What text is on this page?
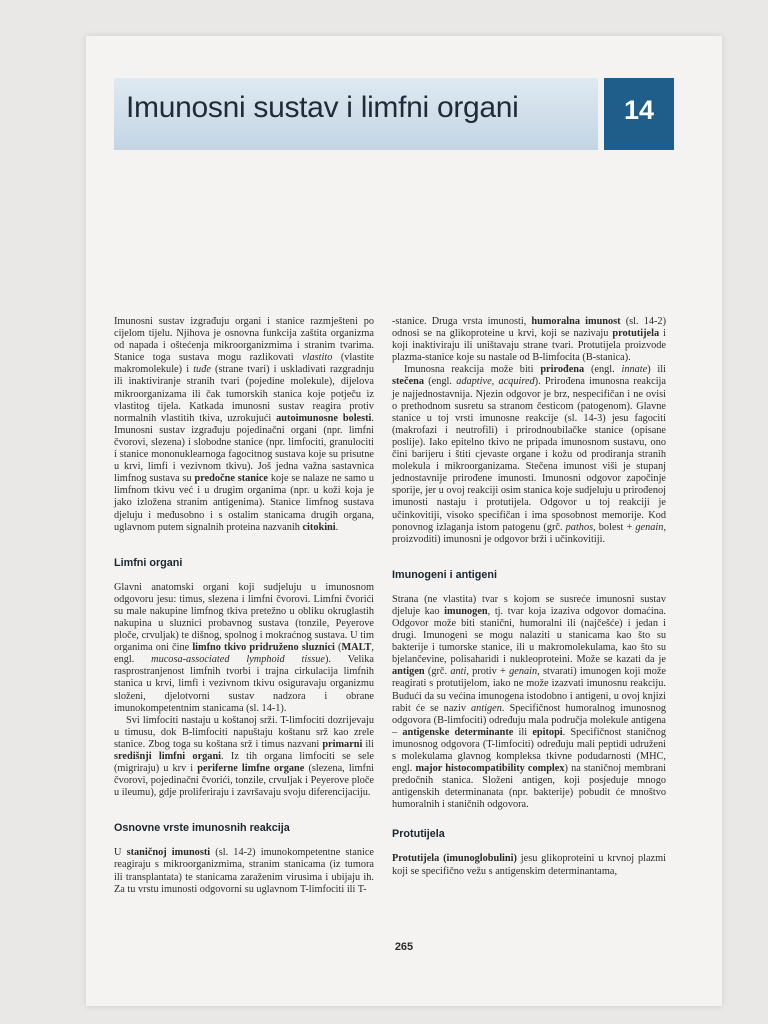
Imunosni sustav i limfni organi	14

Imunosni sustav izgrađuju organi i stanice razmješteni po cijelom tijelu. Njihova je osnovna funkcija zaštita organizma od napada i oštećenja mikroorganizmima i stranim tvarima. Stanice toga sustava mogu razlikovati vlastito (vlastite makromolekule) i tuđe (strane tvari) i uskladivati razgradnju ili inaktiviranje stranih tvari (pojedine molekule), dijelova mikroorganizama ili čak tumorskih stanica koje potječu iz vlastitog tijela. Katkada imunosni sustav reagira protiv normalnih vlastitih tkiva, uzrokujući autoimunosne bolesti. Imunosni sustav izgrađuju pojedinačni organi (npr. limfni čvorovi, slezena) i slobodne stanice (npr. limfociti, granulociti i stanice mononuklearnoga fagocitnog sustava koje su prisutne u krvi, limfi i vezivnom tkivu). Još jedna važna sastavnica limfnog sustava su predočne stanice koje se nalaze ne samo u limfnom tkivu već i u drugim organima (npr. u koži koja je jako izložena stranim antigenima). Stanice limfnog sustava djeluju i međusobno i s ostalim stanicama drugih organa, uglavnom putem signalnih proteina nazvanih citokini.

Limfni organi

Glavni anatomski organi koji sudjeluju u imunosnom odgovoru jesu: timus, slezena i limfni čvorovi. Limfni čvorići su male nakupine limfnog tkiva pretežno u obliku okruglastih nakupina u sluznici probavnog sustava (tonzile, Peyerove ploče, crvuljak) te dišnog, spolnog i mokraćnog sustava. U tim organima oni čine limfno tkivo pridruženo sluznici (MALT, engl. mucosa-associated lymphoid tissue). Velika rasprostranjenost limfnih tvorbi i trajna cirkulacija limfnih stanica u krvi, limfi i vezivnom tkivu osiguravaju organizmu složeni, djelotvorni sustav nadzora i obrane imunokompetentnim stanicama (sl. 14-1).

Svi limfociti nastaju u koštanoj srži. T-limfociti dozrijevaju u timusu, dok B-limfociti napuštaju koštanu srž kao zrele stanice. Zbog toga su koštana srž i timus nazvani primarni ili središnji limfni organi. Iz tih organa limfociti se sele (migriraju) u krv i periferne limfne organe (slezena, limfni čvorovi, pojedinačni čvorići, tonzile, crvuljak i Peyerove ploče u ileumu), gdje proliferiraju i završavaju svoju diferencijaciju.

Osnovne vrste imunosnih reakcija

U staničnoj imunosti (sl. 14-2) imunokompetentne stanice reagiraju s mikroorganizmima, stranim stanicama (iz tumora ili transplantata) te stanicama zaraženim virusima i ubijaju ih. Za tu vrstu imunosti odgovorni su uglavnom T-limfociti ili T-

-stanice. Druga vrsta imunosti, humoralna imunost (sl. 14-2) odnosi se na glikoproteine u krvi, koji se nazivaju protutijela i koji inaktiviraju ili uništavaju strane tvari. Protutijela proizvode plazma-stanice koje su nastale od B-limfocita (B-stanica).

Imunosna reakcija može biti prirođena (engl. innate) ili stečena (engl. adaptive, acquired). Prirođena imunosna reakcija je najjednostavnija. Njezin odgovor je brz, nespecifičan i ne ovisi o prethodnom susretu sa stranom česticom (patogenom). Glavne stanice u toj vrsti imunosne reakcije (sl. 14-3) jesu fagociti (makrofazi i neutrofili) i prirodnoubilačke stanice (opisane poslije). Iako epitelno tkivo ne pripada imunosnom sustavu, ono čini barijeru i štiti cjevaste organe i kožu od prodiranja stranih molekula i mikroorganizama. Stečena imunost viši je stupanj jednostavnije prirođene imunosti. Imunosni odgovor započinje sporije, jer u ovoj reakciji osim stanica koje sudjeluju u prirođenoj imunosti nastaju i protutijela. Odgovor u toj reakciji je učinkovitiji, visoko specifičan i ima sposobnost memorije. Kod ponovnog izlaganja istom patogenu (grč. pathos, bolest + genain, proizvoditi) imunosni je odgovor brži i učinkovitiji.

Imunogeni i antigeni

Strana (ne vlastita) tvar s kojom se susreće imunosni sustav djeluje kao imunogen, tj. tvar koja izaziva odgovor domaćina. Odgovor može biti stanični, humoralni ili (najčešće) i jedan i drugi. Imunogeni se mogu nalaziti u stanicama kao što su bakterije i tumorske stanice, ili u makromolekulama, kao što su bjelančevine, polisaharidi i nukleoproteini. Može se kazati da je antigen (grč. anti, protiv + genain, stvarati) imunogen koji može reagirati s protutijelom, iako ne može izazvati imunosnu reakciju. Budući da su većina imunogena istodobno i antigeni, u ovoj knjizi rabit će se naziv antigen. Specifičnost humoralnog imunosnog odgovora (B-limfociti) određuju mala područja molekule antigena – antigenske determinante ili epitopi. Specifičnost staničnog imunosnog odgovora (T-limfociti) određuju mali peptidi udruženi s molekulama glavnog kompleksa tkivne podudarnosti (MHC, engl. major histocompatibility complex) na staničnoj membrani predočnih stanica. Složeni antigen, koji posjeduje mnogo antigenskih determinanata (npr. bakterije) pobudit će mnoštvo humoralnih i staničnih odgovora.

Protutijela

Protutijela (imunoglobulini) jesu glikoproteini u krvnoj plazmi koji se specifično vežu s antigenskim determinantama,

265
